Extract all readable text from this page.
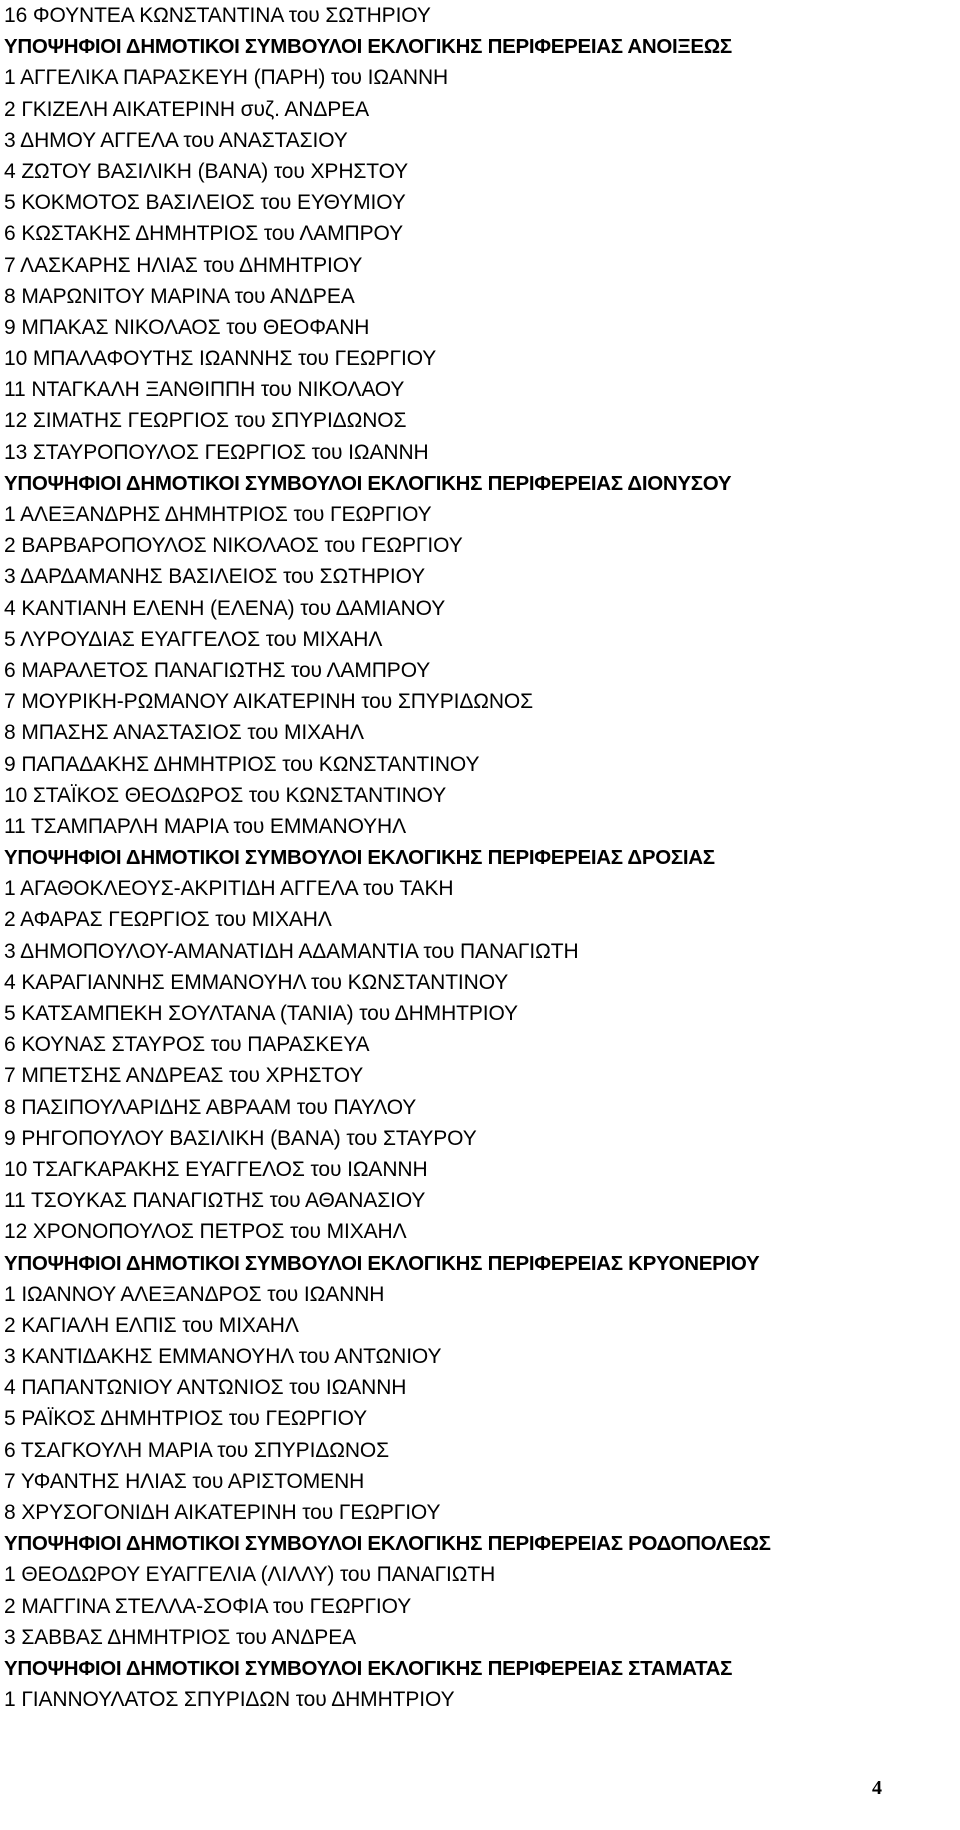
16 ΦΟΥΝΤΕΑ ΚΩΝΣΤΑΝΤΙΝΑ του ΣΩΤΗΡΙΟΥ
ΥΠΟΨΗΦΙΟΙ ΔΗΜΟΤΙΚΟΙ ΣΥΜΒΟΥΛΟΙ ΕΚΛΟΓΙΚΗΣ ΠΕΡΙΦΕΡΕΙΑΣ ΑΝΟΙΞΕΩΣ
1 ΑΓΓΕΛΙΚΑ ΠΑΡΑΣΚΕΥΗ (ΠΑΡΗ) του ΙΩΑΝΝΗ
2 ΓΚΙΖΕΛΗ ΑΙΚΑΤΕΡΙΝΗ συζ. ΑΝΔΡΕΑ
3 ΔΗΜΟΥ ΑΓΓΕΛΑ του ΑΝΑΣΤΑΣΙΟΥ
4 ΖΩΤΟΥ ΒΑΣΙΛΙΚΗ (ΒΑΝΑ) του ΧΡΗΣΤΟΥ
5 ΚΟΚΜΟΤΟΣ ΒΑΣΙΛΕΙΟΣ του ΕΥΘΥΜΙΟΥ
6 ΚΩΣΤΑΚΗΣ ΔΗΜΗΤΡΙΟΣ του ΛΑΜΠΡΟΥ
7 ΛΑΣΚΑΡΗΣ ΗΛΙΑΣ του ΔΗΜΗΤΡΙΟΥ
8 ΜΑΡΩΝΙΤΟΥ ΜΑΡΙΝΑ του ΑΝΔΡΕΑ
9 ΜΠΑΚΑΣ ΝΙΚΟΛΑΟΣ του ΘΕΟΦΑΝΗ
10 ΜΠΑΛΑΦΟΥΤΗΣ ΙΩΑΝΝΗΣ του ΓΕΩΡΓΙΟΥ
11 ΝΤΑΓΚΑΛΗ ΞΑΝΘΙΠΠΗ του ΝΙΚΟΛΑΟΥ
12 ΣΙΜΑΤΗΣ ΓΕΩΡΓΙΟΣ του ΣΠΥΡΙΔΩΝΟΣ
13 ΣΤΑΥΡΟΠΟΥΛΟΣ ΓΕΩΡΓΙΟΣ του ΙΩΑΝΝΗ
ΥΠΟΨΗΦΙΟΙ ΔΗΜΟΤΙΚΟΙ ΣΥΜΒΟΥΛΟΙ ΕΚΛΟΓΙΚΗΣ ΠΕΡΙΦΕΡΕΙΑΣ ΔΙΟΝΥΣΟΥ
1 ΑΛΕΞΑΝΔΡΗΣ ΔΗΜΗΤΡΙΟΣ του ΓΕΩΡΓΙΟΥ
2 ΒΑΡΒΑΡΟΠΟΥΛΟΣ ΝΙΚΟΛΑΟΣ του ΓΕΩΡΓΙΟΥ
3 ΔΑΡΔΑΜΑΝΗΣ ΒΑΣΙΛΕΙΟΣ του ΣΩΤΗΡΙΟΥ
4 ΚΑΝΤΙΑΝΗ ΕΛΕΝΗ (ΕΛΕΝΑ) του ΔΑΜΙΑΝΟΥ
5 ΛΥΡΟΥΔΙΑΣ ΕΥΑΓΓΕΛΟΣ του ΜΙΧΑΗΛ
6 ΜΑΡΑΛΕΤΟΣ ΠΑΝΑΓΙΩΤΗΣ του ΛΑΜΠΡΟΥ
7 ΜΟΥΡΙΚΗ-ΡΩΜΑΝΟΥ ΑΙΚΑΤΕΡΙΝΗ του ΣΠΥΡΙΔΩΝΟΣ
8 ΜΠΑΣΗΣ ΑΝΑΣΤΑΣΙΟΣ του ΜΙΧΑΗΛ
9 ΠΑΠΑΔΑΚΗΣ ΔΗΜΗΤΡΙΟΣ του ΚΩΝΣΤΑΝΤΙΝΟΥ
10 ΣΤΑΪΚΟΣ ΘΕΟΔΩΡΟΣ του ΚΩΝΣΤΑΝΤΙΝΟΥ
11 ΤΣΑΜΠΑΡΛΗ ΜΑΡΙΑ του ΕΜΜΑΝΟΥΗΛ
ΥΠΟΨΗΦΙΟΙ ΔΗΜΟΤΙΚΟΙ ΣΥΜΒΟΥΛΟΙ ΕΚΛΟΓΙΚΗΣ ΠΕΡΙΦΕΡΕΙΑΣ ΔΡΟΣΙΑΣ
1 ΑΓΑΘΟΚΛΕΟΥΣ-ΑΚΡΙΤΙΔΗ ΑΓΓΕΛΑ του ΤΑΚΗ
2 ΑΦΑΡΑΣ ΓΕΩΡΓΙΟΣ του ΜΙΧΑΗΛ
3 ΔΗΜΟΠΟΥΛΟΥ-ΑΜΑΝΑΤΙΔΗ ΑΔΑΜΑΝΤΙΑ του ΠΑΝΑΓΙΩΤΗ
4 ΚΑΡΑΓΙΑΝΝΗΣ ΕΜΜΑΝΟΥΗΛ του ΚΩΝΣΤΑΝΤΙΝΟΥ
5 ΚΑΤΣΑΜΠΕΚΗ ΣΟΥΛΤΑΝΑ (ΤΑΝΙΑ) του ΔΗΜΗΤΡΙΟΥ
6 ΚΟΥΝΑΣ ΣΤΑΥΡΟΣ του ΠΑΡΑΣΚΕΥΑ
7 ΜΠΕΤΣΗΣ ΑΝΔΡΕΑΣ του ΧΡΗΣΤΟΥ
8 ΠΑΣΙΠΟΥΛΑΡΙΔΗΣ ΑΒΡΑΑΜ του ΠΑΥΛΟΥ
9 ΡΗΓΟΠΟΥΛΟΥ ΒΑΣΙΛΙΚΗ (ΒΑΝΑ) του ΣΤΑΥΡΟΥ
10 ΤΣΑΓΚΑΡΑΚΗΣ ΕΥΑΓΓΕΛΟΣ του ΙΩΑΝΝΗ
11 ΤΣΟΥΚΑΣ ΠΑΝΑΓΙΩΤΗΣ του ΑΘΑΝΑΣΙΟΥ
12 ΧΡΟΝΟΠΟΥΛΟΣ ΠΕΤΡΟΣ του ΜΙΧΑΗΛ
ΥΠΟΨΗΦΙΟΙ ΔΗΜΟΤΙΚΟΙ ΣΥΜΒΟΥΛΟΙ ΕΚΛΟΓΙΚΗΣ ΠΕΡΙΦΕΡΕΙΑΣ ΚΡΥΟΝΕΡΙΟΥ
1 ΙΩΑΝΝΟΥ ΑΛΕΞΑΝΔΡΟΣ του ΙΩΑΝΝΗ
2 ΚΑΓΙΑΛΗ ΕΛΠΙΣ του ΜΙΧΑΗΛ
3 ΚΑΝΤΙΔΑΚΗΣ ΕΜΜΑΝΟΥΗΛ του ΑΝΤΩΝΙΟΥ
4 ΠΑΠΑΝΤΩΝΙΟΥ ΑΝΤΩΝΙΟΣ του ΙΩΑΝΝΗ
5 ΡΑΪΚΟΣ ΔΗΜΗΤΡΙΟΣ του ΓΕΩΡΓΙΟΥ
6 ΤΣΑΓΚΟΥΛΗ ΜΑΡΙΑ του ΣΠΥΡΙΔΩΝΟΣ
7 ΥΦΑΝΤΗΣ ΗΛΙΑΣ του ΑΡΙΣΤΟΜΕΝΗ
8 ΧΡΥΣΟΓΟΝΙΔΗ ΑΙΚΑΤΕΡΙΝΗ του ΓΕΩΡΓΙΟΥ
ΥΠΟΨΗΦΙΟΙ ΔΗΜΟΤΙΚΟΙ ΣΥΜΒΟΥΛΟΙ ΕΚΛΟΓΙΚΗΣ ΠΕΡΙΦΕΡΕΙΑΣ ΡΟΔΟΠΟΛΕΩΣ
1 ΘΕΟΔΩΡΟΥ ΕΥΑΓΓΕΛΙΑ (ΛΙΛΛΥ) του ΠΑΝΑΓΙΩΤΗ
2 ΜΑΓΓΙΝΑ ΣΤΕΛΛΑ-ΣΟΦΙΑ του ΓΕΩΡΓΙΟΥ
3 ΣΑΒΒΑΣ ΔΗΜΗΤΡΙΟΣ του ΑΝΔΡΕΑ
ΥΠΟΨΗΦΙΟΙ ΔΗΜΟΤΙΚΟΙ ΣΥΜΒΟΥΛΟΙ ΕΚΛΟΓΙΚΗΣ ΠΕΡΙΦΕΡΕΙΑΣ ΣΤΑΜΑΤΑΣ
1 ΓΙΑΝΝΟΥΛΑΤΟΣ ΣΠΥΡΙΔΩΝ του ΔΗΜΗΤΡΙΟΥ
4
